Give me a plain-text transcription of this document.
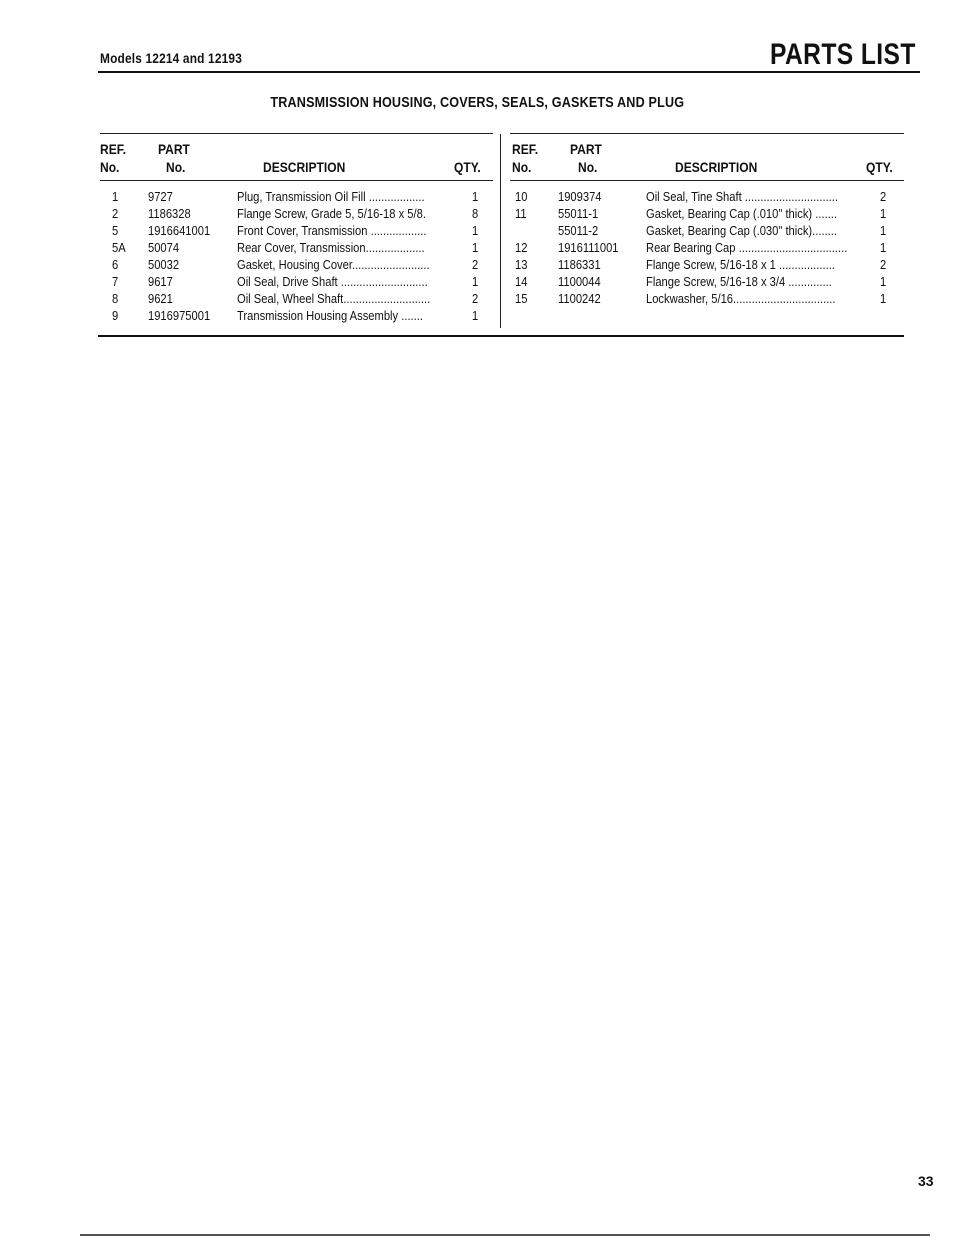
Models 12214 and 12193	PARTS LIST
TRANSMISSION HOUSING, COVERS, SEALS, GASKETS AND PLUG
REF.
No.
PART
No.	DESCRIPTION	QTY.
1 9727	Plug, Transmission Oil Fill ..................	1
2 1186328	Flange Screw, Grade 5, 5/16-18 x 5/8.	8
5 1916641001 Front Cover, Transmission ..................	1
5A 50074	Rear Cover, Transmission...................	1
6 50032	Gasket, Housing Cover.........................	2
7 9617	Oil Seal, Drive Shaft ............................	1
8 9621	Oil Seal, Wheel Shaft............................	2
9 1916975001 Transmission Housing Assembly .......	1
REF.
No.
PART
No.	DESCRIPTION	QTY.
10 1909374	Oil Seal, Tine Shaft ..............................	2
11 55011-1	Gasket, Bearing Cap (.010" thick) .......	1
55011-2	Gasket, Bearing Cap (.030" thick)........	1
12 1916111001 Rear Bearing Cap ...................................	1
13 1186331	Flange Screw, 5/16-18 x 1 ..................	2
14 1100044	Flange Screw, 5/16-18 x 3/4 ..............	1
15 1100242	Lockwasher, 5/16.................................	1
33
